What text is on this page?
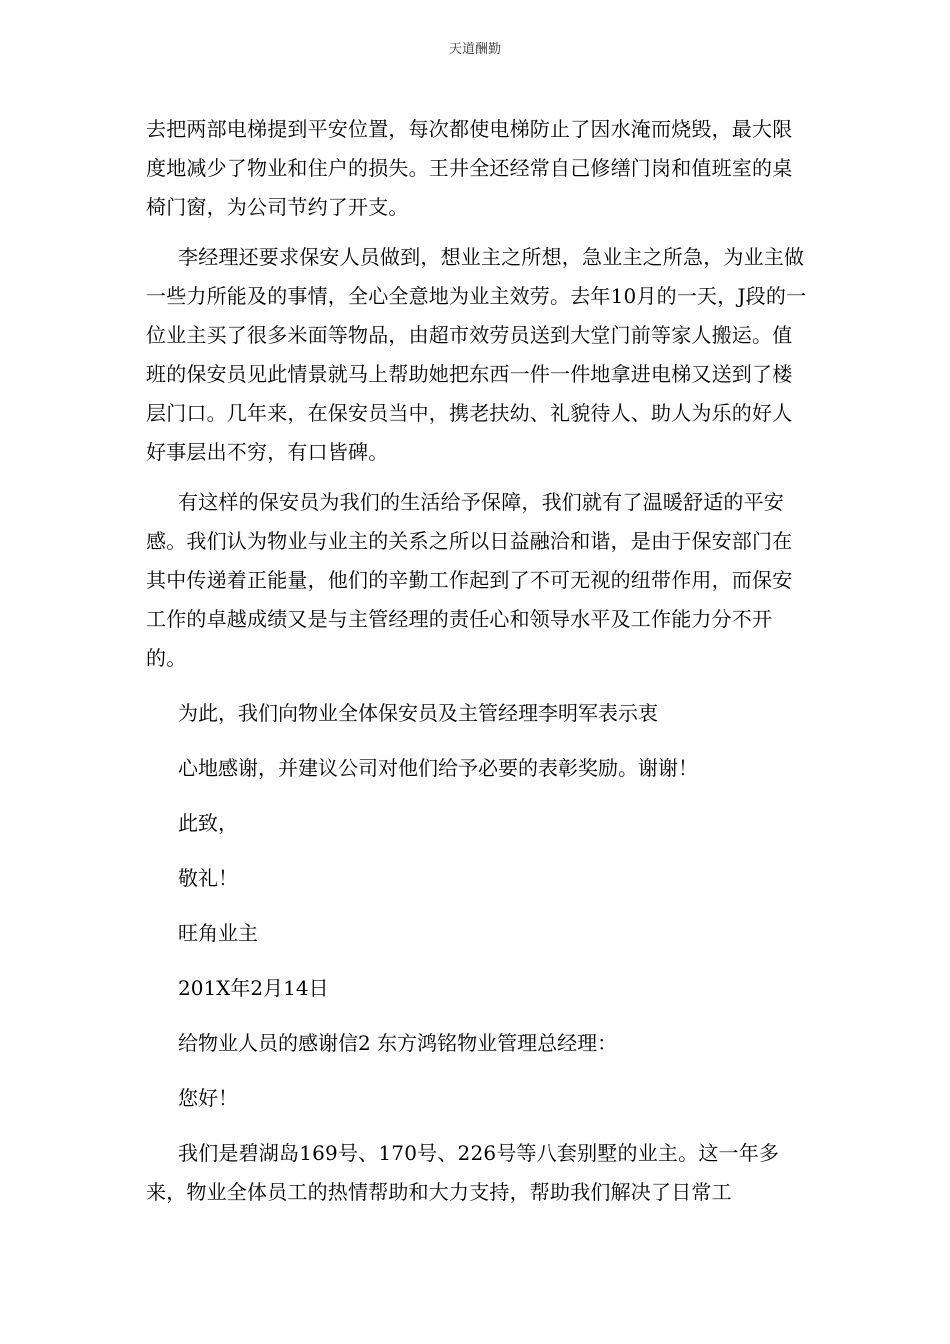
天道酬勤

去把两部电梯提到平安位置，每次都使电梯防止了因水淹而烧毁，最大限度地减少了物业和住户的损失。王井全还经常自己修缮门岗和值班室的桌椅门窗，为公司节约了开支。

李经理还要求保安人员做到，想业主之所想，急业主之所急，为业主做一些力所能及的事情，全心全意地为业主效劳。去年10月的一天，J段的一位业主买了很多米面等物品，由超市效劳员送到大堂门前等家人搬运。值班的保安员见此情景就马上帮助她把东西一件一件地拿进电梯又送到了楼层门口。几年来，在保安员当中，携老扶幼、礼貌待人、助人为乐的好人好事层出不穷，有口皆碑。

有这样的保安员为我们的生活给予保障，我们就有了温暖舒适的平安感。我们认为物业与业主的关系之所以日益融洽和谐，是由于保安部门在其中传递着正能量，他们的辛勤工作起到了不可无视的纽带作用，而保安工作的卓越成绩又是与主管经理的责任心和领导水平及工作能力分不开的。

为此，我们向物业全体保安员及主管经理李明军表示衷

心地感谢，并建议公司对他们给予必要的表彰奖励。谢谢！

此致，

敬礼！

旺角业主

201X年2月14日

给物业人员的感谢信2 东方鸿铭物业管理总经理：

您好！

我们是碧湖岛169号、170号、226号等八套别墅的业主。这一年多来，物业全体员工的热情帮助和大力支持，帮助我们解决了日常工
